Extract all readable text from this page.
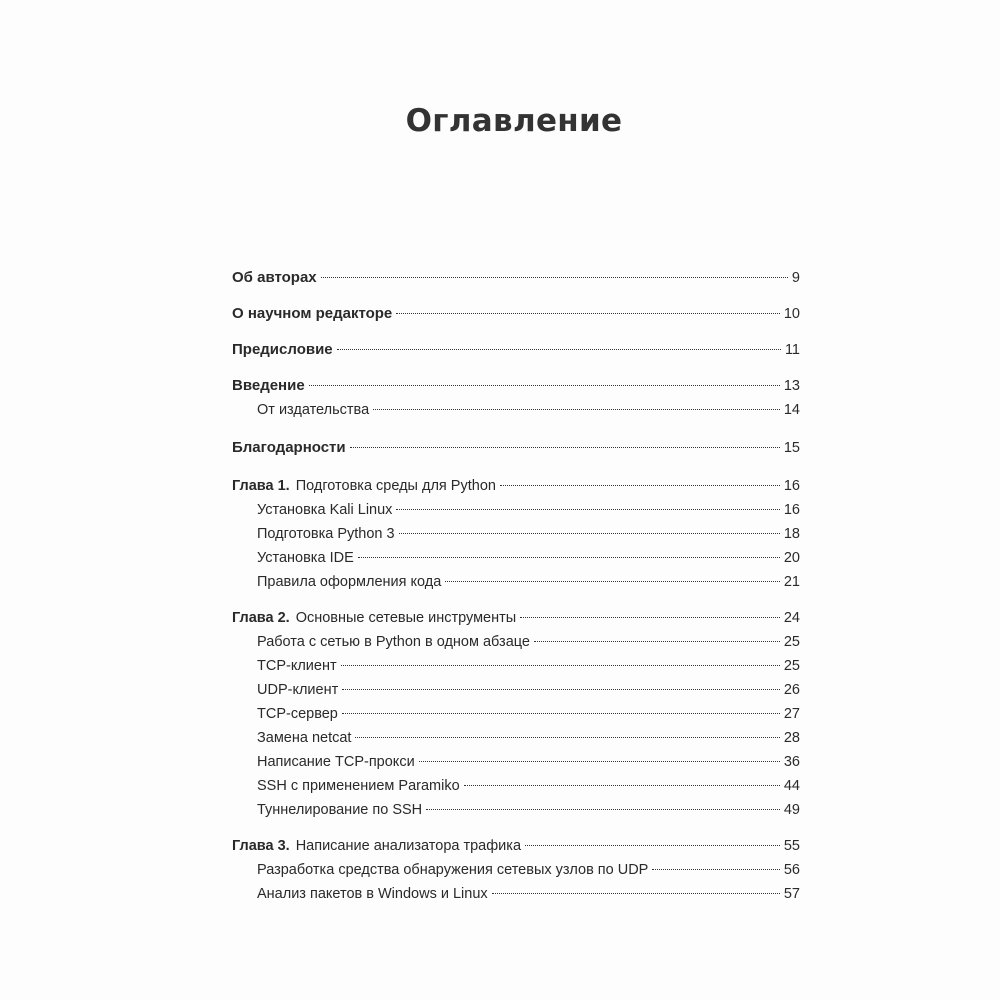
Оглавление
Об авторах	9
О научном редакторе	10
Предисловие	11
Введение	13
От издательства	14
Благодарности	15
Глава 1. Подготовка среды для Python	16
Установка Kali Linux	16
Подготовка Python 3	18
Установка IDE	20
Правила оформления кода	21
Глава 2. Основные сетевые инструменты	24
Работа с сетью в Python в одном абзаце	25
TCP-клиент	25
UDP-клиент	26
TCP-сервер	27
Замена netcat	28
Написание TCP-прокси	36
SSH с применением Paramiko	44
Туннелирование по SSH	49
Глава 3. Написание анализатора трафика	55
Разработка средства обнаружения сетевых узлов по UDP	56
Анализ пакетов в Windows и Linux	57
